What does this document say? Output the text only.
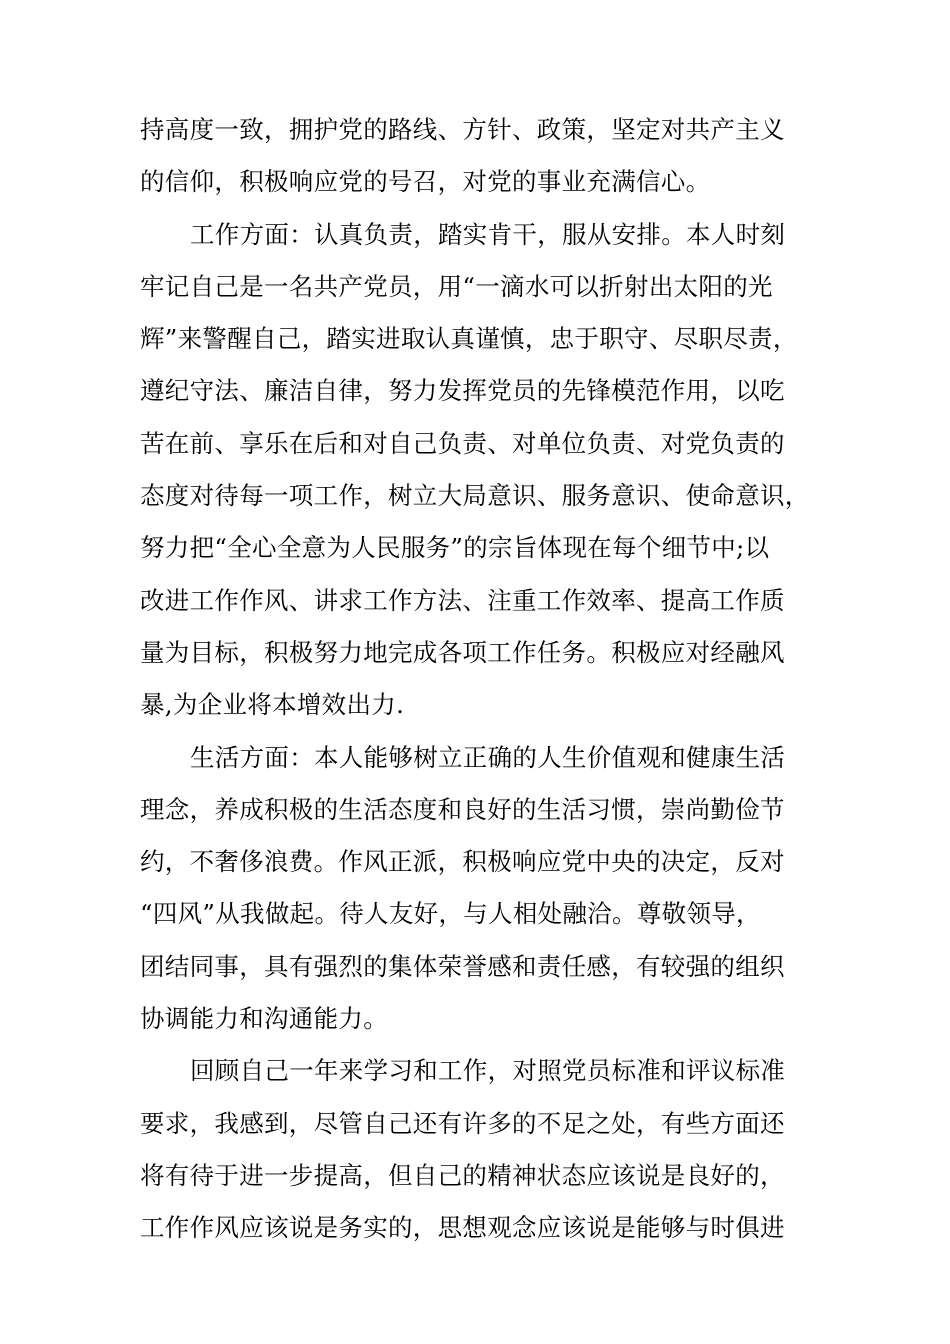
持高度一致，拥护党的路线、方针、政策，坚定对共产主义
的信仰，积极响应党的号召，对党的事业充满信心。
工作方面：认真负责，踏实肯干，服从安排。本人时刻
牢记自己是一名共产党员，用“一滴水可以折射出太阳的光
辉”来警醒自己，踏实进取认真谨慎，忠于职守、尽职尽责，
遵纪守法、廉洁自律，努力发挥党员的先锋模范作用，以吃
苦在前、享乐在后和对自己负责、对单位负责、对党负责的
态度对待每一项工作，树立大局意识、服务意识、使命意识，
努力把“全心全意为人民服务”的宗旨体现在每个细节中;以
改进工作作风、讲求工作方法、注重工作效率、提高工作质
量为目标，积极努力地完成各项工作任务。积极应对经融风
暴,为企业将本增效出力.
生活方面：本人能够树立正确的人生价值观和健康生活
理念，养成积极的生活态度和良好的生活习惯，崇尚勤俭节
约，不奢侈浪费。作风正派，积极响应党中央的决定，反对
“四风”从我做起。待人友好，与人相处融洽。尊敬领导，
团结同事，具有强烈的集体荣誉感和责任感，有较强的组织
协调能力和沟通能力。
回顾自己一年来学习和工作，对照党员标准和评议标准
要求，我感到，尽管自己还有许多的不足之处，有些方面还
将有待于进一步提高，但自己的精神状态应该说是良好的，
工作作风应该说是务实的，思想观念应该说是能够与时俱进
